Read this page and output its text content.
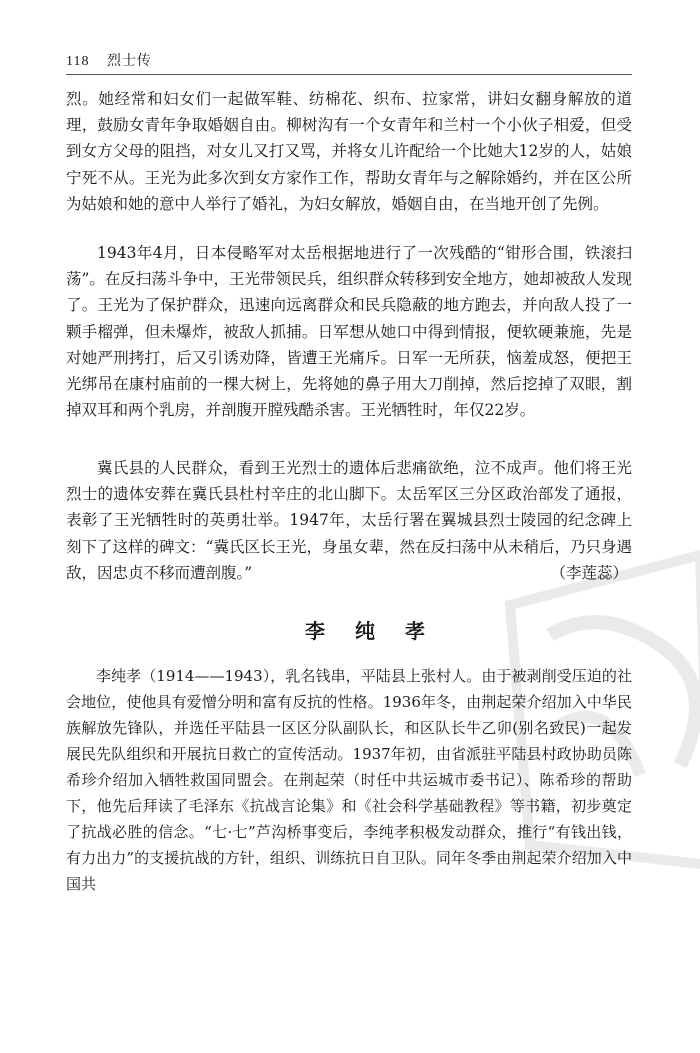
118 烈士传

烈。她经常和妇女们一起做军鞋、纺棉花、织布、拉家常，讲妇女翻身解放的道理，鼓励女青年争取婚姻自由。柳树沟有一个女青年和兰村一个小伙子相爱，但受到女方父母的阻挡，对女儿又打又骂，并将女儿许配给一个比她大12岁的人，姑娘宁死不从。王光为此多次到女方家作工作，帮助女青年与之解除婚约，并在区公所为姑娘和她的意中人举行了婚礼，为妇女解放，婚姻自由，在当地开创了先例。

1943年4月，日本侵略军对太岳根据地进行了一次残酷的“钳形合围，铁滚扫荡”。在反扫荡斗争中，王光带领民兵，组织群众转移到安全地方，她却被敌人发现了。王光为了保护群众，迅速向远离群众和民兵隐蔽的地方跑去，并向敌人投了一颗手榴弹，但未爆炸，被敌人抓捕。日军想从她口中得到情报，便软硬兼施，先是对她严刑拷打，后又引诱劝降，皆遭王光痛斥。日军一无所获，恼羞成怒，便把王光绑吊在康村庙前的一棵大树上，先将她的鼻子用大刀削掉，然后挖掉了双眼，割掉双耳和两个乳房，并剖腹开膛残酷杀害。王光牺牲时，年仅22岁。

冀氏县的人民群众，看到王光烈士的遗体后悲痛欲绝，泣不成声。他们将王光烈士的遗体安葬在冀氏县杜村辛庄的北山脚下。太岳军区三分区政治部发了通报，表彰了王光牺牲时的英勇壮举。1947年，太岳行署在翼城县烈士陵园的纪念碑上刻下了这样的碑文：“冀氏区长王光，身虽女辈，然在反扫荡中从未稍后，乃只身遇敌，因忠贞不移而遭剖腹。”	（李莲蕊）
李纯孝

李纯孝（1914——1943），乳名钱串，平陆县上张村人。由于被剥削受压迫的社会地位，使他具有爱憎分明和富有反抗的性格。1936年冬，由荆起荣介绍加入中华民族解放先锋队，并选任平陆县一区区分队副队长，和区队长牛乙卯(别名致民)一起发展民先队组织和开展抗日救亡的宣传活动。1937年初，由省派驻平陆县村政协助员陈希珍介绍加入牺牲救国同盟会。在荆起荣（时任中共运城市委书记）、陈希珍的帮助下，他先后拜读了毛泽东《抗战言论集》和《社会科学基础教程》等书籍，初步奠定了抗战必胜的信念。“七·七”芦沟桥事变后，李纯孝积极发动群众，推行“有钱出钱，有力出力”的支援抗战的方针，组织、训练抗日自卫队。同年冬季由荆起荣介绍加入中国共
